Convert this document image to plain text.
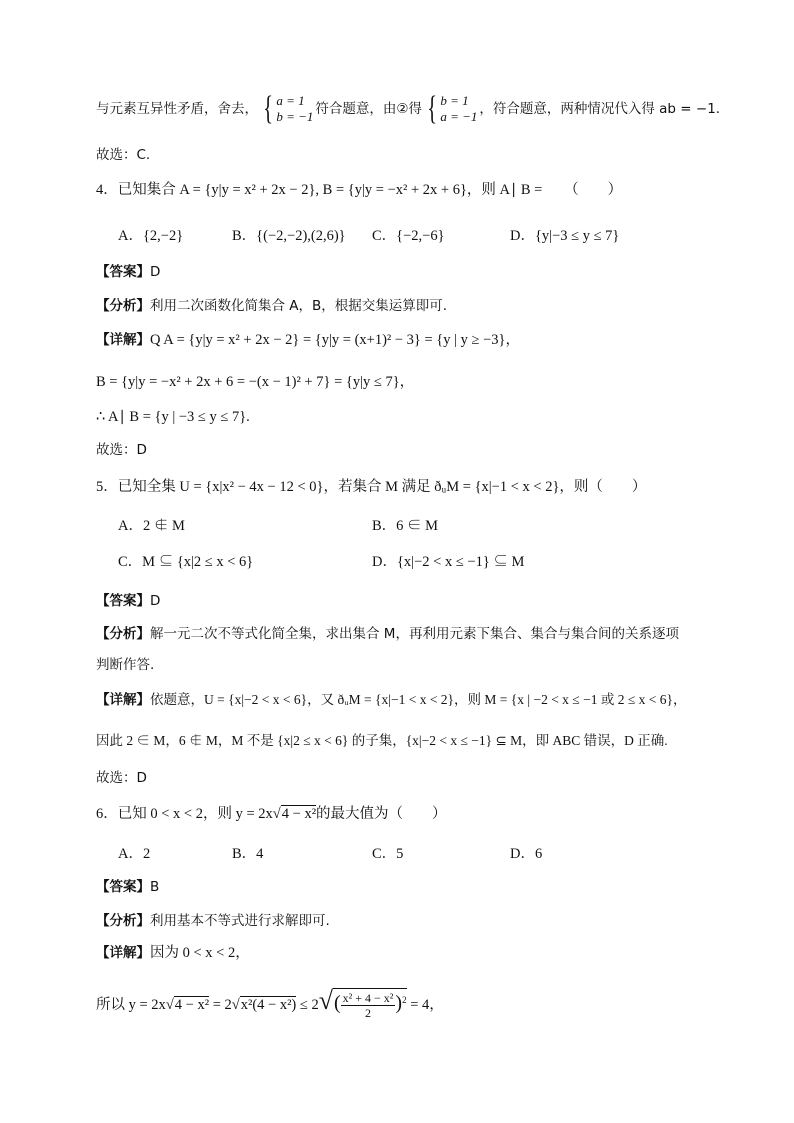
与元素互异性矛盾，舍去， { a = 1
b = −1 符合题意，由②得 { b = 1
a = −1 ，符合题意，两种情况代入得 ab = −1.
故选：C.
4．已知集合 A = {y|y = x² + 2x − 2}, B = {y|y = −x² + 2x + 6}，则 A∣ B =　　（　　）
A．{2,−2}	B．{(−2,−2),(2,6)} C．{−2,−6}	D．{y|−3 ≤ y ≤ 7}
【答案】D
【分析】利用二次函数化简集合 A，B，根据交集运算即可.
【详解】Q A = {y|y = x² + 2x − 2} = {y|y = (x+1)² − 3} = {y | y ≥ −3}，
B = {y|y = −x² + 2x + 6 = −(x − 1)² + 7} = {y|y ≤ 7}，
∴ A∣ B = {y | −3 ≤ y ≤ 7}.
故选：D
5．已知全集 U = {x|x² − 4x − 12 < 0}，若集合 M 满足 ðᵤM = {x|−1 < x < 2}，则（　　）
A．2 ∉ M	B．6 ∈ M
C．M ⊆ {x|2 ≤ x < 6}	D．{x|−2 < x ≤ −1} ⊆ M
【答案】D
【分析】解一元二次不等式化简全集，求出集合 M，再利用元素下集合、集合与集合间的关系逐项
判断作答.
【详解】依题意，U = {x|−2 < x < 6}，又 ðᵤM = {x|−1 < x < 2}，则 M = {x | −2 < x ≤ −1 或 2 ≤ x < 6}，
因此 2 ∈ M，6 ∉ M，M 不是 {x|2 ≤ x < 6} 的子集，{x|−2 < x ≤ −1} ⊆ M，即 ABC 错误，D 正确.
故选：D
6．已知 0 < x < 2，则 y = 2x√4 − x²的最大值为（　　）
A．2	B．4	C．5	D．6
【答案】B
【分析】利用基本不等式进行求解即可.
【详解】因为 0 < x < 2，
所以 $y = 2x√4 - x^2 = 2√x^2(4 - x^2) \le 2√( \frac{\text{x² + 4 − x²}}{2} )^2 = 4$，
